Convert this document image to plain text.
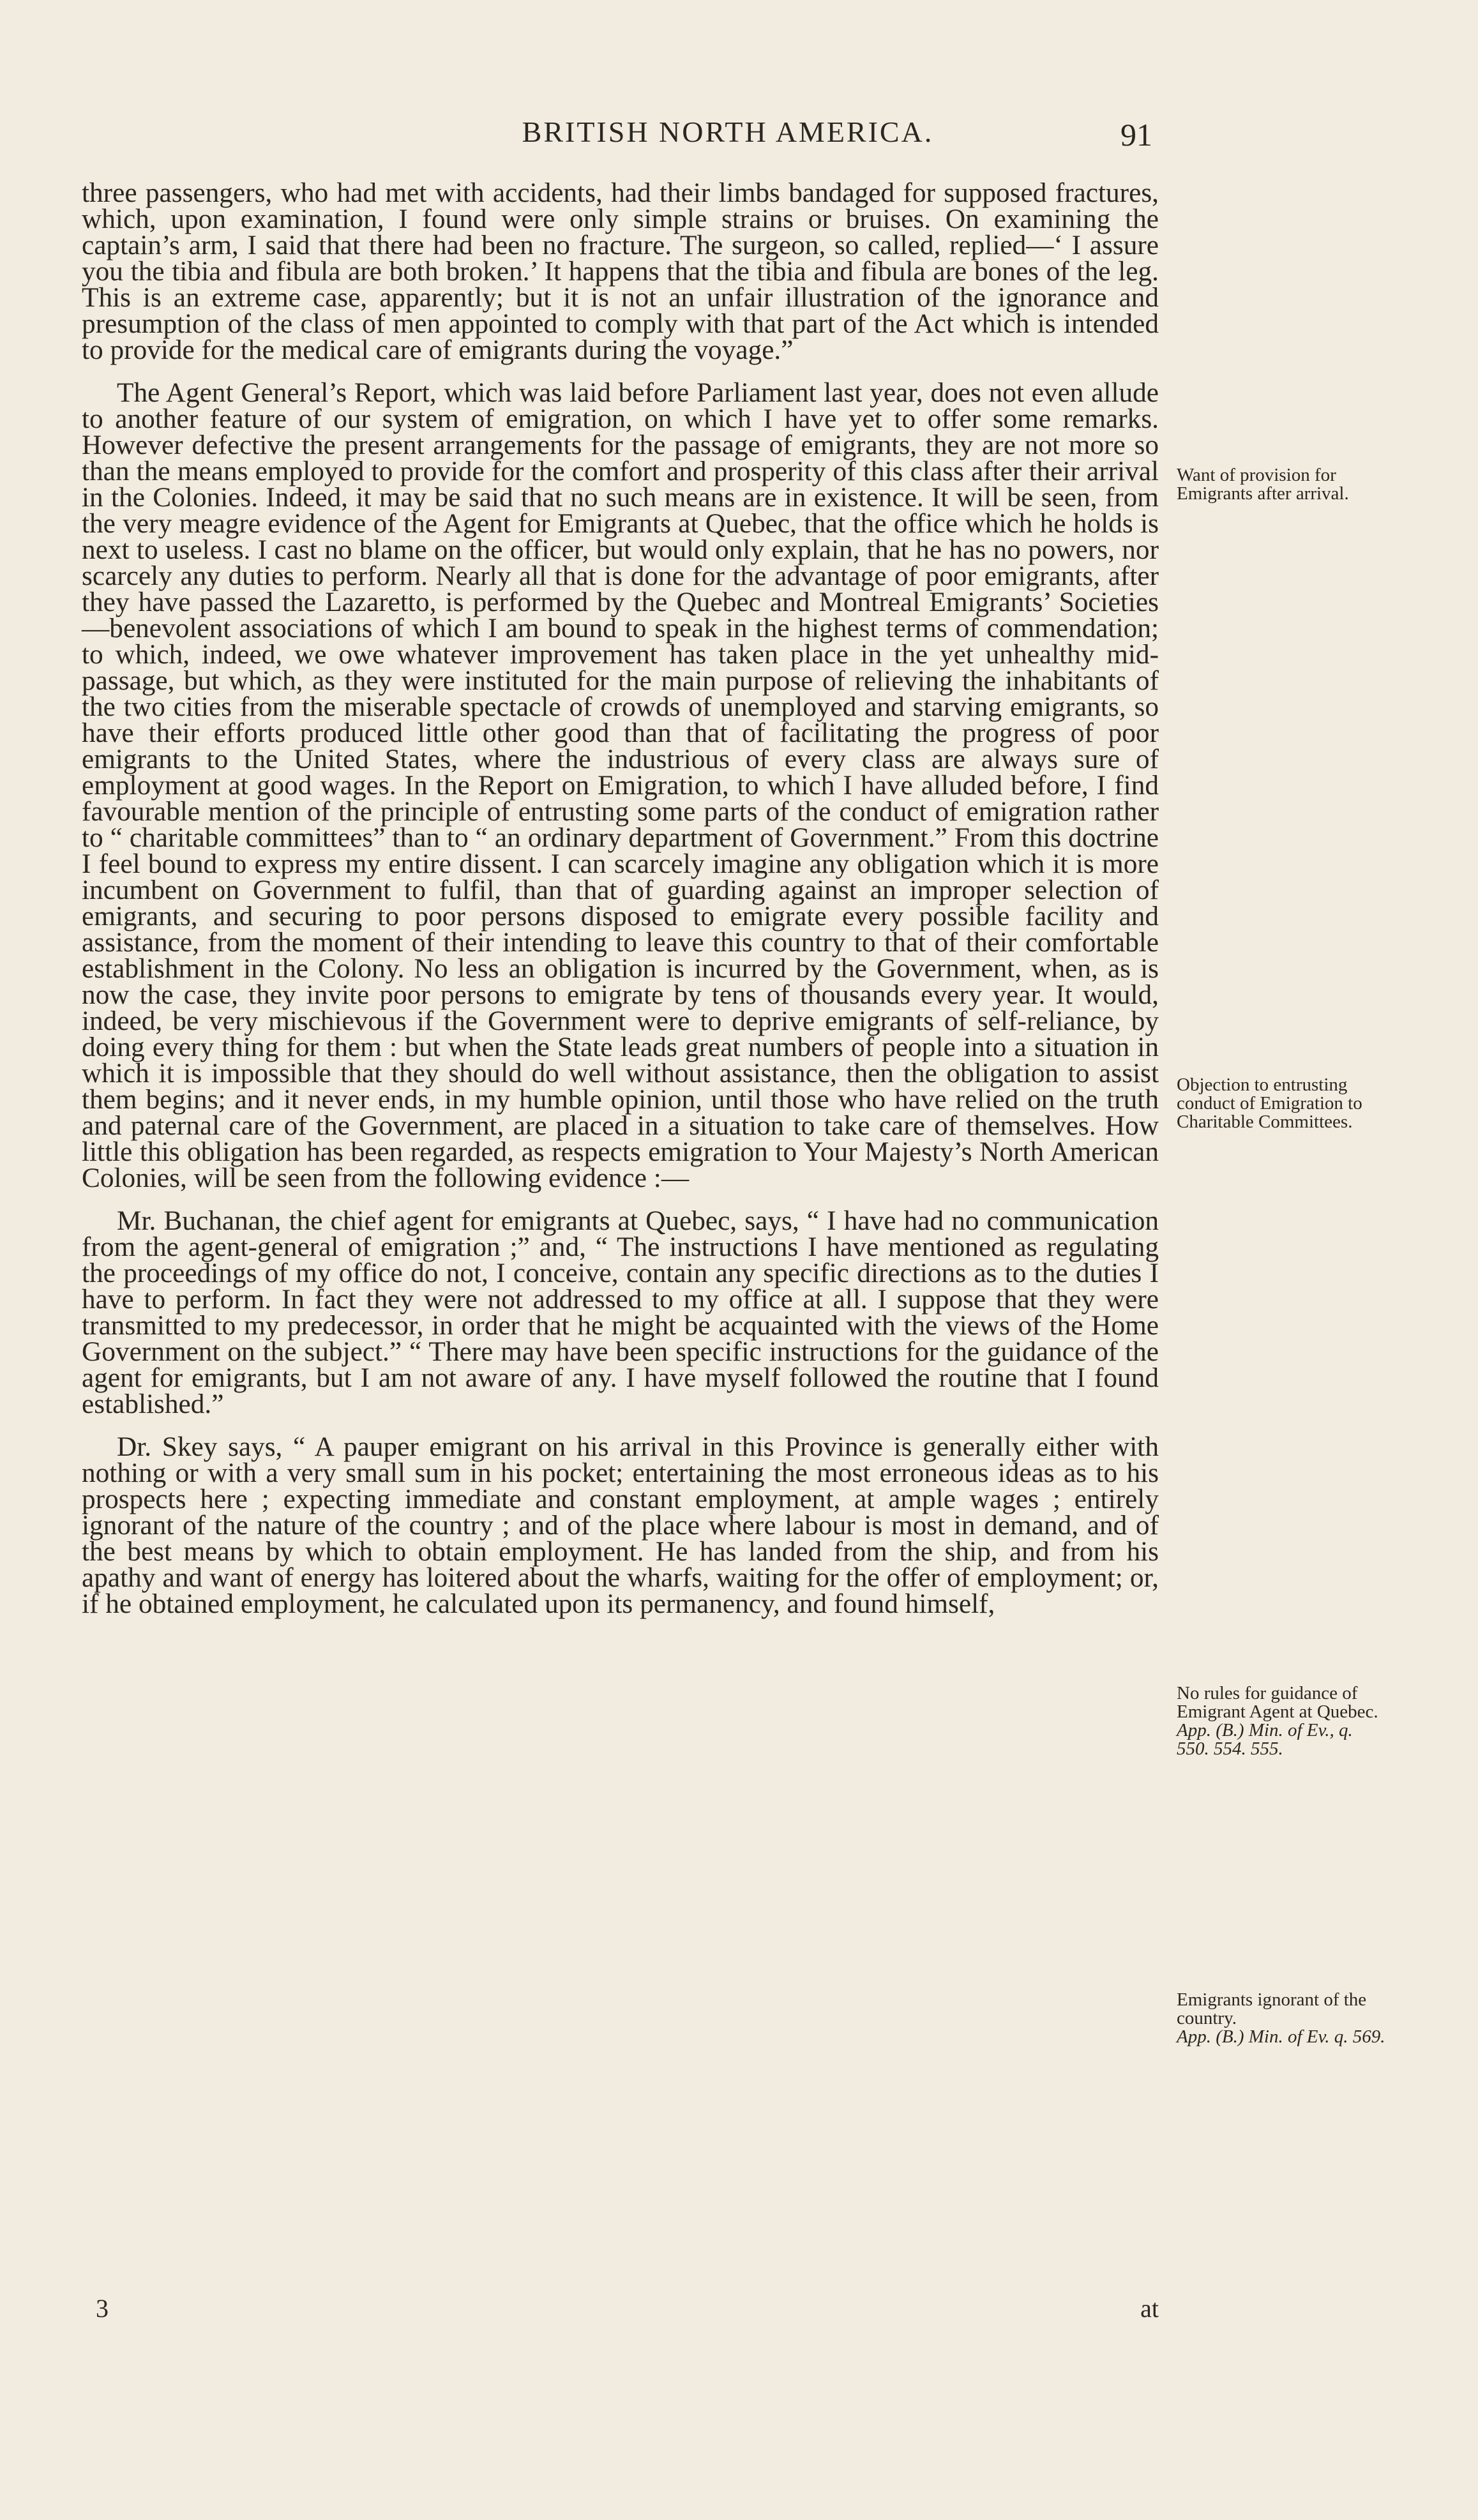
BRITISH NORTH AMERICA.	91

three passengers, who had met with accidents, had their limbs bandaged for supposed fractures, which, upon examination, I found were only simple strains or bruises. On examining the captain’s arm, I said that there had been no fracture. The surgeon, so called, replied—‘ I assure you the tibia and fibula are both broken.’ It happens that the tibia and fibula are bones of the leg. This is an extreme case, apparently; but it is not an unfair illustration of the ignorance and presumption of the class of men appointed to comply with that part of the Act which is intended to provide for the medical care of emigrants during the voyage.”

The Agent General’s Report, which was laid before Parliament last year, does not even allude to another feature of our system of emigration, on which I have yet to offer some remarks. However defective the present arrangements for the passage of emigrants, they are not more so than the means employed to provide for the comfort and prosperity of this class after their arrival in the Colonies. Indeed, it may be said that no such means are in existence. It will be seen, from the very meagre evidence of the Agent for Emigrants at Quebec, that the office which he holds is next to useless. I cast no blame on the officer, but would only explain, that he has no powers, nor scarcely any duties to perform. Nearly all that is done for the advantage of poor emigrants, after they have passed the Lazaretto, is performed by the Quebec and Montreal Emigrants’ Societies—benevolent associations of which I am bound to speak in the highest terms of commendation; to which, indeed, we owe whatever improvement has taken place in the yet unhealthy mid-passage, but which, as they were instituted for the main purpose of relieving the inhabitants of the two cities from the miserable spectacle of crowds of unemployed and starving emigrants, so have their efforts produced little other good than that of facilitating the progress of poor emigrants to the United States, where the industrious of every class are always sure of employment at good wages. In the Report on Emigration, to which I have alluded before, I find favourable mention of the principle of entrusting some parts of the conduct of emigration rather to “ charitable committees” than to “ an ordinary department of Government.” From this doctrine I feel bound to express my entire dissent. I can scarcely imagine any obligation which it is more incumbent on Government to fulfil, than that of guarding against an improper selection of emigrants, and securing to poor persons disposed to emigrate every possible facility and assistance, from the moment of their intending to leave this country to that of their comfortable establishment in the Colony. No less an obligation is incurred by the Government, when, as is now the case, they invite poor persons to emigrate by tens of thousands every year. It would, indeed, be very mischievous if the Government were to deprive emigrants of self-reliance, by doing every thing for them : but when the State leads great numbers of people into a situation in which it is impossible that they should do well without assistance, then the obligation to assist them begins; and it never ends, in my humble opinion, until those who have relied on the truth and paternal care of the Government, are placed in a situation to take care of themselves. How little this obligation has been regarded, as respects emigration to Your Majesty’s North American Colonies, will be seen from the following evidence :—

Mr. Buchanan, the chief agent for emigrants at Quebec, says, “ I have had no communication from the agent-general of emigration ;” and, “ The instructions I have mentioned as regulating the proceedings of my office do not, I conceive, contain any specific directions as to the duties I have to perform. In fact they were not addressed to my office at all. I suppose that they were transmitted to my predecessor, in order that he might be acquainted with the views of the Home Government on the subject.” “ There may have been specific instructions for the guidance of the agent for emigrants, but I am not aware of any. I have myself followed the routine that I found established.”

Dr. Skey says, “ A pauper emigrant on his arrival in this Province is generally either with nothing or with a very small sum in his pocket; entertaining the most erroneous ideas as to his prospects here ; expecting immediate and constant employment, at ample wages ; entirely ignorant of the nature of the country ; and of the place where labour is most in demand, and of the best means by which to obtain employment. He has landed from the ship, and from his apathy and want of energy has loitered about the wharfs, waiting for the offer of employment; or, if he obtained employment, he calculated upon its permanency, and found himself,

Want of provision for Emigrants after arrival.
Objection to entrusting conduct of Emigration to Charitable Committees.
No rules for guidance of Emigrant Agent at Quebec.
App. (B.) Min. of Ev., q. 550. 554. 555.
Emigrants ignorant of the country.
App. (B.) Min. of Ev. q. 569.
3	at
